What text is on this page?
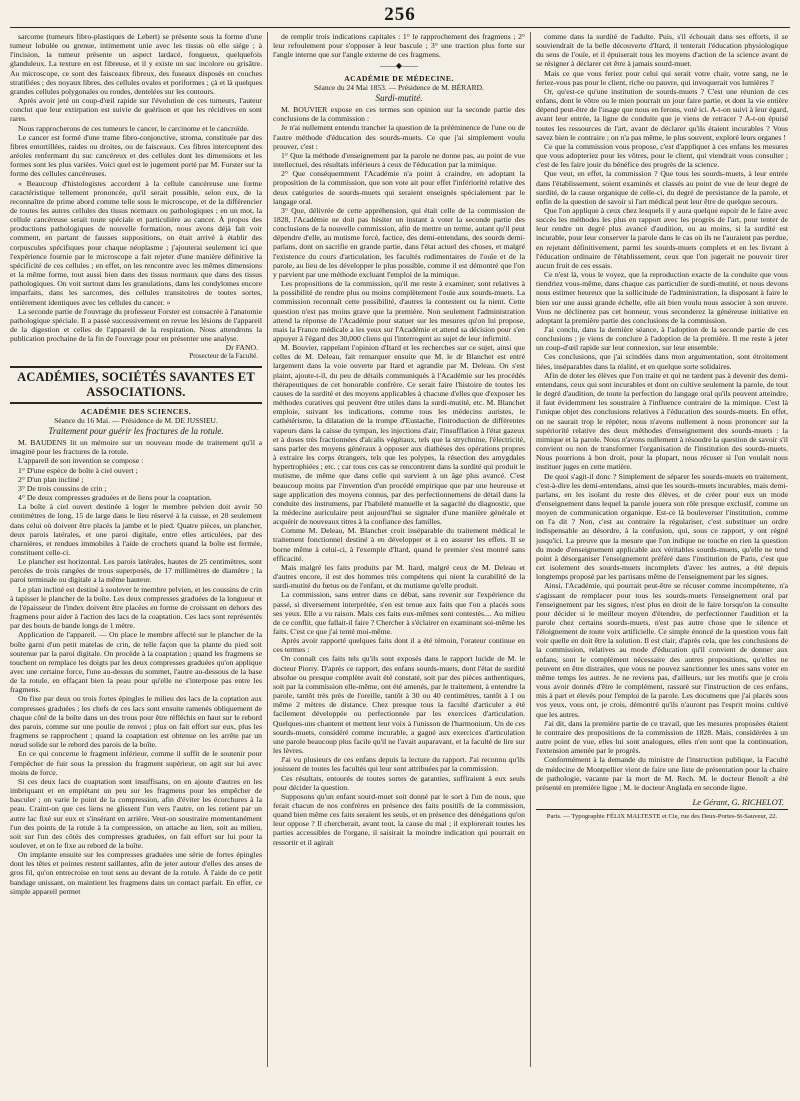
256

sarcome (tumeurs fibro-plastiques de Lebert) se présente sous la forme d'une tumeur lobulée ou grenue, intimement unie avec les tissus où elle siége ; à l'incision, la tumeur présente un aspect lardacé, fongueux, quelquefois glanduleux. La texture en est fibreuse, et il y existe un suc incolore ou grisâtre. Au microscope, ce sont des faisceaux fibreux, des fuseaux disposés en couches stratifiées ; des noyaux libres, des cellules ovales et poriformes ; çà et là quelques grandes cellules polygonales ou rondes, dentelées sur les contours.

Après avoir jeté un coup-d'œil rapide sur l'évolution de ces tumeurs, l'auteur conclut que leur extirpation est suivie de guérison et que les récidives en sont rares.

Nous rapprocherons de ces tumeurs le cancer, le carcinome et le cancroïde.

Le cancer est formé d'une trame fibro-conjonctive, stroma, constituée par des fibres entortillées, raides ou droites, ou de faisceaux. Ces fibres interceptent des aréoles renfermant du suc cancéreux et des cellules dont les dimensions et les formes sont les plus variées. Voici quel est le jugement porté par M. Forster sur la forme des cellules cancéreuses.

« Beaucoup d'histologistes accordent à la cellule cancéreuse une forme caractéristique tellement prononcée, qu'il serait possible, selon eux, de la reconnaître de prime abord comme telle sous le microscope, et de la différencier de toutes les autres cellules des tissus normaux ou pathologiques ; en un mot, la cellule cancéreuse serait toute spéciale et particulière au cancer. À propos des productions pathologiques de nouvelle formation, nous avons déjà fait voir comment, en partant de fausses suppositions, on était arrivé à établir des corpuscules spécifiques pour chaque néoplasme ; j'ajouterai seulement ici que l'expérience fournie par le microscope a fait rejeter d'une manière définitive la spécificité de ces cellules ; en effet, on les rencontre avec les mêmes dimensions et la même forme, tout aussi bien dans des tissus normaux que dans des tissus pathologiques. On voit surtout dans les granulations, dans les condylomes encore imparfaits, dans les sarcomes, des cellules transitoires de toutes sortes, entièrement identiques avec les cellules du cancer. »

La seconde partie de l'ouvrage du professeur Forster est consacrée à l'anatomie pathologique spéciale. Il a passé successivement en revue les lésions de l'appareil de la digestion et celles de l'appareil de la respiration. Nous attendrons la publication prochaine de la fin de l'ouvrage pour en présenter une analyse.

Dr FANO.
Prosecteur de la Faculté.
ACADÉMIES, SOCIÉTÉS SAVANTES ET ASSOCIATIONS.
ACADÉMIE DES SCIENCES.
Séance du 16 Mai. — Présidence de M. DE JUSSIEU.
Traitement pour guérir les fractures de la rotule.

M. BAUDENS lit un mémoire sur un nouveau mode de traitement qu'il a imaginé pour les fractures de la rotule.

L'appareil de son invention se compose :

1° D'une espèce de boîte à ciel ouvert ;

2° D'un plan incliné ;

3° De trois coussins de crin ;

4° De deux compresses graduées et de liens pour la coaptation.

La boîte à ciel ouvert destinée à loger le membre pelvien doit avoir 50 centimètres de long, 15 de large dans le lieu réservé à la cuisse, et 20 seulement dans celui où doivent être placés la jambe et le pied. Quatre pièces, un plancher, deux parois latérales, et une paroi digitale, entre elles articulées, par des charnières, et rendues immobiles à l'aide de crochets quand la boîte est fermée, constituent celle-ci.

Le plancher est horizontal. Les parois latérales, hautes de 25 centimètres, sont percées de trois rangées de trous superposés, de 17 millimètres de diamètre ; la paroi terminale ou digitale a la même hauteur.

Le plan incliné est destiné à soulever le membre pelvien, et les coussins de crin à tapisser le plancher de la boîte. Les deux compresses graduées de la longueur et de l'épaisseur de l'index doivent être placées en forme de croissant en dehors des fragmens pour aider à l'action des lacs de la coaptation. Ces lacs sont représentés par des bouts de bande longs de 1 mètre.

Application de l'appareil. — On place le membre affecté sur le plancher de la boîte garni d'un petit matelas de crin, de telle façon que la plante du pied soit soutenue par la paroi digitale. On procède à la coaptation ; quand les fragmens se touchent on remplace les doigts par les deux compresses graduées qu'on applique avec une certaine force, l'une au-dessus du sommet, l'autre au-dessous de la base de la rotule, en effaçant bien la peau pour qu'elle ne s'interpose pas entre les fragmens.

On fixe par deux ou trois fortes épingles le milieu des lacs de la coptation aux compresses graduées ; les chefs de ces lacs sont ensuite ramenés obliquement de chaque côté de la boîte dans un des trous pour être réfléchis en haut sur le rebord des parois, comme sur une poulie de renvoi ; plus on fait effort sur eux, plus les fragmens se rapprochent ; quand la coaptation est obtenue on les arrête par un nœud solide sur le rebord des parois de la boîte.

En ce qui concerne le fragment inférieur, comme il suffit de le soutenir pour l'empêcher de fuir sous la pression du fragment supérieur, on agit sur lui avec moins de force.

Si ces deux lacs de coaptation sont insuffisans, on en ajoute d'autres en les imbriquant et en empiétant un peu sur les fragmens pour les empêcher de basculer ; on varie le point de la compression, afin d'éviter les écorchures à la peau. Craint-on que ces liens ne glissent l'un vers l'autre, on les retient par un autre lac fixé sur eux et s'insérant en arrière. Veut-on soustraire momentanément l'un des points de la rotule à la compression, on attache au lien, soit au milieu, soit sur l'un des côtés des compresses graduées, on fait effort sur lui pour la soulever, et on le fixe au rebord de la boîte.

On implante ensuite sur les compresses graduées une série de fortes épingles dont les têtes et pointes restent saillantes, afin de jeter autour d'elles des anses de gros fil, qu'on entrecroise en tout sens au devant de la rotule. À l'aide de ce petit bandage unissant, on maintient les fragmens dans un contact parfait. En effet, ce simple appareil permet

de remplir trois indications capitales : 1° le rapprochement des fragmens ; 2° leur refoulement pour s'opposer à leur bascule ; 3° une traction plus forte sur l'angle interne que sur l'angle externe de ces fragmens.

——◆——
ACADÉMIE DE MÉDECINE.
Séance du 24 Mai 1853. — Présidence de M. BÉRARD.
Surdi-mutité.

M. BOUVIER expose en ces termes son opinion sur la seconde partie des conclusions de la commission :

Je n'ai nullement entendu trancher la question de la prééminence de l'une ou de l'autre méthode d'éducation des sourds-muets. Ce que j'ai simplement voulu prouver, c'est :

1° Que la méthode d'enseignement par la parole ne donne pas, au point de vue intellectuel, des résultats inférieurs à ceux de l'éducation par la mimique.

2° Que conséquemment l'Académie n'a point à craindre, en adoptant la proposition de la commission, que son vote ait pour effet l'infériorité relative des deux catégories de sourds-muets qui seraient enseignés spécialement par le langage oral.

3° Que, délivrée de cette appréhension, qui était celle de la commission de 1828, l'Académie ne doit pas hésiter un instant à voter la seconde partie des conclusions de la nouvelle commission, afin de mettre un terme, autant qu'il peut dépendre d'elle, au mutisme forcé, factice, des demi-entendans, des sourds demi-parlans, dont on sacrifie en grande partie, dans l'état actuel des choses, et malgré l'existence du cours d'articulation, les facultés rudimentaires de l'ouïe et de la parole, au lieu de les développer le plus possible, comme il est démontré que l'on y parvient par une méthode excluant l'emploi de la mimique.

Les propositions de la commission, qu'il me reste à examiner, sont relatives à la possibilité de rendre plus ou moins complètement l'ouïe aux sourds-muets. La commission reconnaît cette possibilité, d'autres la contestent ou la nient. Cette question n'est pas moins grave que la première. Non seulement l'administration attend la réponse de l'Académie pour statuer sur les mesures qu'on lui propose, mais la France médicale a les yeux sur l'Académie et attend sa décision pour s'en appuyer à l'égard des 30,000 cliens qui l'interrogent au sujet de leur infirmité.

M. Bouvier, rappelant l'opinion d'Itard et les recherches sur ce sujet, ainsi que celles de M. Deleau, fait remarquer ensuite que M. le dr Blanchet est entré largement dans la voie ouverte par Itard et agrandie par M. Deleau. On s'est plaint, ajoute-t-il, du peu de détails communiqués à l'Académie sur les procédés thérapeutiques de cet honorable confrère. Ce serait faire l'histoire de toutes les causes de la surdité et des moyens applicables à chacune d'elles que d'exposer les méthodes curatives qui peuvent être utiles dans la surdi-mutité, etc. M. Blanchet emploie, suivant les indications, comme tous les médecins auristes, le cathétérisme, la dilatation de la trompe d'Eustache, l'introduction de différentes vapeurs dans la caisse du tympan, les injections d'air, l'insufflation à l'état gazeux et à doses très fractionnées d'alcalis végétaux, tels que la strychnine, l'électricité, sans parler des moyens généraux à opposer aux diathèses des opérations propres à extraire les corps étrangers, tels que les polypes, la résection des amygdales hypertrophiées ; etc. ; car tous ces cas se rencontrent dans la surdité qui produit le mutisme, de même que dans celle qui survient à un âge plus avancé. C'est beaucoup moins par l'invention d'un procédé empirique que par une heureuse et sage application des moyens connus, par des perfectionnemens de détail dans la conduite des instrumens, par l'habileté manuelle et la sagacité du diagnostic, que la médecine auriculaire peut aujourd'hui se signaler d'une manière générale et acquérir de nouveaux titres à la confiance des familles.

Comme M. Deleau, M. Blanchet croit inséparable du traitement médical le traitement fonctionnel destiné à en développer et à en assurer les effets. Il se borne même à celui-ci, à l'exemple d'Itard, quand le premier s'est montré sans efficacité.

Mais malgré les faits produits par M. Itard, malgré ceux de M. Deleau et d'autres encore, il est des hommes très compétens qui nient la curabilité de la surdi-mutité du fœtus ou de l'enfant, et du mutisme qu'elle produit.

La commission, sans entrer dans ce débat, sans revenir sur l'expérience du passé, si diversement interprétée, s'en est tenue aux faits que l'on a placés sous ses yeux. Elle a vu raison. Mais ces faits eux-mêmes sont contestés.... Au milieu de ce conflit, que fallait-il faire ? Chercher à s'éclairer en examinant soi-même les faits. C'est ce que j'ai tenté moi-même.

Après avoir rapporté quelques faits dont il a été témoin, l'orateur continue en ces termes :

On connaît ces faits tels qu'ils sont exposés dans le rapport lucide de M. le docteur Piorry. D'après ce rapport, des enfans sourds-muets, dont l'état de surdité absolue ou presque complète avait été constaté, soit par des pièces authentiques, soit par la commission elle-même, ont été amenés, par le traitement, à entendre la parole, tantôt très près de l'oreille, tantôt à 30 ou 40 centimètres, tantôt à 1 ou même 2 mètres de distance. Chez presque tous la faculté d'articuler a été facilement développée ou perfectionnée par les exercices d'articulation. Quelques-uns chantent et mettent leur voix à l'unisson de l'harmonium. Un de ces sourds-muets, considéré comme incurable, a gagné aux exercices d'articulation une parole beaucoup plus facile qu'il ne l'avait auparavant, et la faculté de lire sur les lèvres.

J'ai vu plusieurs de ces enfans depuis la lecture du rapport. J'ai reconnu qu'ils jouissent de toutes les facultés qui leur sont attribuées par la commission.

Ces résultats, entourés de toutes sortes de garanties, suffiraient à eux seuls pour décider la question.

Supposons qu'un enfant sourd-muet soit donné par le sort à l'un de nous, que ferait chacun de nos confrères en présence des faits positifs de la commission, quand bien même ces faits seraient les seuls, et en présence des dénégations qu'on leur oppose ? Il chercherait, avant tout, la cause du mal ; il explorerait toutes les parties accessibles de l'organe, il saisirait la moindre indication qui pourrait en ressortir et il agirait

comme dans la surdité de l'adulte. Puis, s'il échouait dans ses efforts, il se souviendrait de la belle découverte d'Itard, il tenterait l'éducation physiologique du sens de l'ouïe, et il épuiserait tous les moyens d'action de la science avant de se résigner à déclarer cet être à jamais sourd-muet.

Mais ce que vous feriez pour celui qui serait votre chair, votre sang, ne le feriez-vous pas pour le client, riche ou pauvre, qui invoquerait vos lumières ?

Or, qu'est-ce qu'une institution de sourds-muets ? C'est une réunion de ces enfans, dont le vôtre ou le mien pourrait un jour faire partie, et dont la vie entière dépend peut-être de l'usage que nous en ferons, voté ici. A-t-on suivi à leur égard, avant leur entrée, la ligne de conduite que je viens de retracer ? A-t-on épuisé toutes les ressources de l'art, avant de déclarer qu'ils étaient incurables ? Vous savez bien le contraire ; on n'a pas même, le plus souvent, exploré leurs organes !

Ce que la commission vous propose, c'est d'appliquer à ces enfans les mesures que vous adopteriez pour les vôtres, pour le client, qui viendrait vous consulter ; c'est de les faire jouir du bénéfice des progrès de la science.

Que veut, en effet, la commission ? Que tous les sourds-muets, à leur entrée dans l'établissement, soient examinés et classés au point de vue de leur degré de surdité, de la cause organique de celle-ci, du degré de persistance de la parole, et enfin de la question de savoir si l'art médical peut leur être de quelque secours.

Que l'on applique à ceux chez lesquels il y aura quelque espoir de le faire avec succès les méthodes les plus en rapport avec les progrès de l'art, pour tenter de leur rendre un degré plus avancé d'audition, ou au moins, si la surdité est incurable, pour leur conserver la parole dans le cas où ils ne l'auraient pas perdue, en rejetant définitivement, parmi les sourds-muets complets et en les livrant à l'éducation ordinaire de l'établissement, ceux que l'on jugerait ne pouvoir tirer aucun fruit de ces essais.

Ce n'est là, vous le voyez, que la reproduction exacte de la conduite que vous tiendriez vous-même, dans chaque cas particulier de surdi-mutité, et nous devons nous estimer heureux que la sollicitude de l'administration, la disposant à faire le bien sur une aussi grande échelle, elle ait bien voulu nous associer à son œuvre. Vous ne déclinerez pas cet honneur, vous seconderez la généreuse initiative en adoptant la première partie des conclusions de la commission.

J'ai conclu, dans la dernière séance, à l'adoption de la seconde partie de ces conclusions ; je viens de conclure à l'adoption de la première. Il me reste à jeter un coup-d'œil rapide sur leur connexion, sur leur ensemble.

Ces conclusions, que j'ai scindées dans mon argumentation, sont étroitement liées, inséparables dans la réalité, et en quelque sorte solidaires.

Afin de doter les élèves que l'on traite et qui ne tardent pas à devenir des demi-entendans, ceux qui sont incurables et dont on cultive seulement la parole, de tout le degré d'audition, de toute la perfection du langage oral qu'ils peuvent atteindre, il faut évidemment les soustraire à l'influence contraire de la mimique. C'est là l'unique objet des conclusions relatives à l'éducation des sourds-muets. En effet, on ne saurait trop le répéter, nous n'avons nullement à nous prononcer sur la supériorité relative des deux méthodes d'enseignement des sourds-muets : la mimique et la parole. Nous n'avons nullement à résoudre la question de savoir s'il convient ou non de transformer l'organisation de l'institution des sourds-muets. Nous pourrions à bon droit, pour la plupart, nous récuser si l'on voulait nous instituer juges en cette matière.

De quoi s'agit-il donc ? Simplement de séparer les sourds-muets en traitement, c'est-à-dire les demi-entendans, ainsi que les sourds-muets incurables, mais demi-parlans, en les isolant du reste des élèves, et de créer pour eux un mode d'enseignement dans lequel la parole jouera son rôle presque exclusif, comme un moyen de communication organique. Est-ce là bouleverser l'institution, comme on l'a dit ? Non, c'est au contraire la régulariser, c'est substituer un ordre indispensable au désordre, à la confusion, qui, sous ce rapport, y ont régné jusqu'ici. La preuve que la mesure que l'on indique ne touche en rien la question du mode d'enseignement applicable aux véritables sourds-muets, qu'elle ne tend point à désorganiser l'enseignement préféré dans l'institution de Paris, c'est que cet isolement des sourds-muets incomplets d'avec les autres, a été depuis longtemps proposé par les partisans même de l'enseignement par les signes.

Ainsi, l'Académie, qui pourrait peut-être se récuser comme incompétente, n'a s'agissant de remplacer pour tous les sourds-muets l'enseignement oral par l'enseignement par les signes, n'est plus en droit de le faire lorsqu'on la consulte pour décider si le meilleur moyen d'étendre, de perfectionner l'audition et la parole chez certains sourds-muets, n'est pas autre chose que le silence et l'éloignement de toute voix artificielle. Ce simple énoncé de la question vous fait voir quelle en doit être la solution. Il est clair, d'après cela, que les conclusions de la commission, relatives au mode d'éducation qu'il convient de donner aux enfans, sont le complément nécessaire des autres propositions, qu'elles ne peuvent en être distraites, que vous ne pouvez sanctionner les unes sans voter en même temps les autres. Je ne reviens pas, d'ailleurs, sur les motifs que je crois vous avoir donnés d'être le complément, rassuré sur l'instruction de ces enfans, mis à part et élevés pour l'emploi de la parole. Les documens que j'ai placés sous vos yeux, vous ont, je crois, démontré qu'ils n'auront pas l'esprit moins cultivé que les autres.

J'ai dit, dans la première partie de ce travail, que les mesures proposées étaient le contraire des propositions de la commission de 1828. Mais, considérées à un autre point de vue, elles lui sont analogues, elles n'en sont que la continuation, l'extension amenée par le progrès.

Conformément à la demande du ministre de l'instruction publique, la Faculté de médecine de Montpellier vient de faire une liste de présentation pour la chaire de pathologie, vacante par la mort de M. Rech. M. le docteur Benoît a été présenté en première ligne ; M. le docteur Anglada en seconde ligne.

Le Gérant, G. RICHELOT.
Paris. — Typographie FÉLIX MALTESTE et Cie, rue des Deux-Portes-St-Sauveur, 22.
